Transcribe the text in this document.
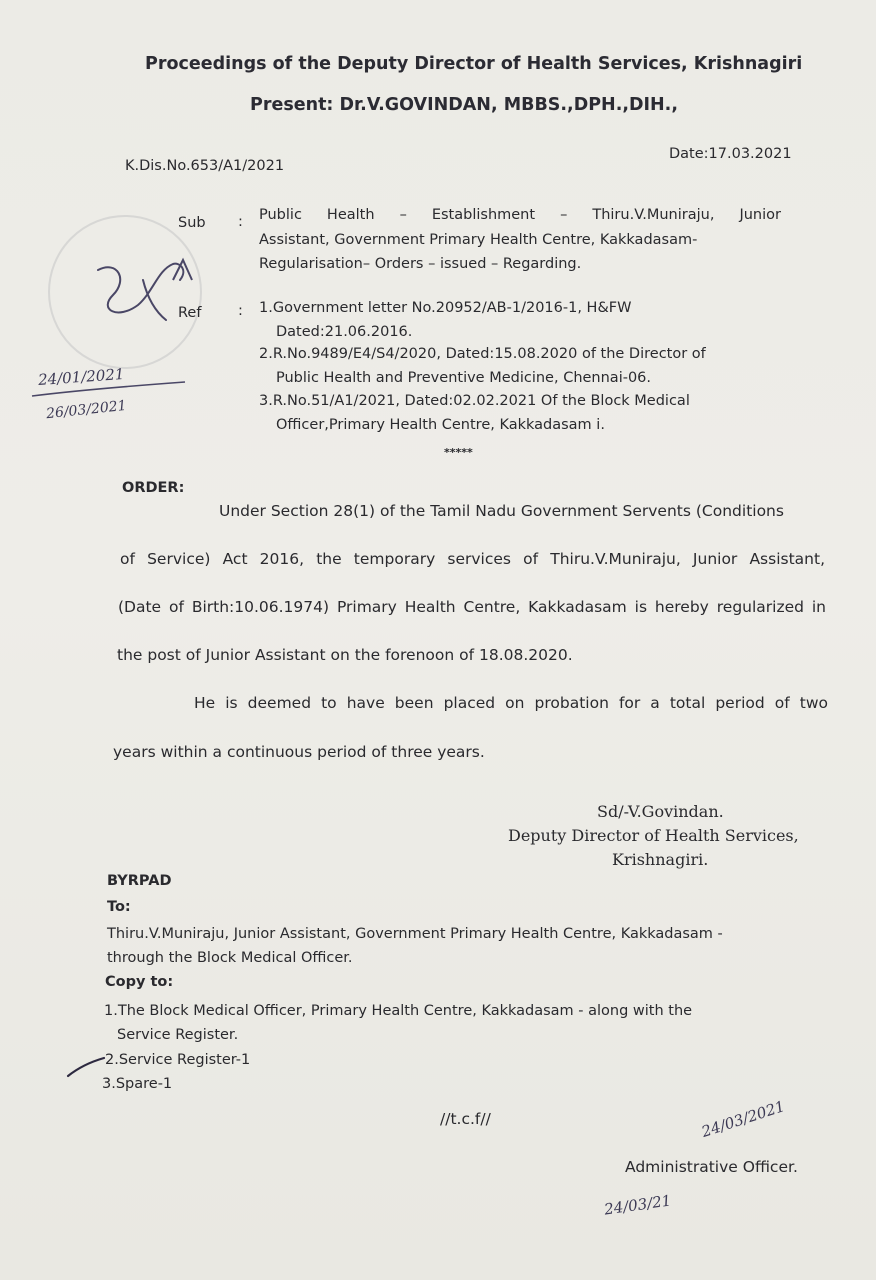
Proceedings of the Deputy Director of Health Services, Krishnagiri
Present: Dr.V.GOVINDAN, MBBS.,DPH.,DIH.,
K.Dis.No.653/A1/2021
Date:17.03.2021
Sub : Public Health – Establishment – Thiru.V.Muniraju, Junior
Assistant, Government Primary Health Centre, Kakkadasam-
Regularisation– Orders – issued – Regarding.
Ref	: 1.Government letter No.20952/AB-1/2016-1, H&FW
Dated:21.06.2016.
2.R.No.9489/E4/S4/2020, Dated:15.08.2020 of the Director of
Public Health and Preventive Medicine, Chennai-06.
3.R.No.51/A1/2021, Dated:02.02.2021 Of the Block Medical
Officer,Primary Health Centre, Kakkadasam i.
*****
ORDER:
Under Section 28(1) of the Tamil Nadu Government Servents (Conditions
of Service) Act 2016, the temporary services of Thiru.V.Muniraju, Junior Assistant,
(Date of Birth:10.06.1974) Primary Health Centre, Kakkadasam is hereby regularized in
the post of Junior Assistant on the forenoon of 18.08.2020.
He is deemed to have been placed on probation for a total period of two
years within a continuous period of three years.
Sd/-V.Govindan.
Deputy Director of Health Services,
Krishnagiri.
BYRPAD
To:
Thiru.V.Muniraju, Junior Assistant, Government Primary Health Centre, Kakkadasam -
through the Block Medical Officer.
Copy to:
1.The Block Medical Officer, Primary Health Centre, Kakkadasam - along with the
Service Register.
2.Service Register-1
3.Spare-1
//t.c.f//
Administrative Officer.
24/01/2021
26/03/2021
24/03/2021
24/03/21
